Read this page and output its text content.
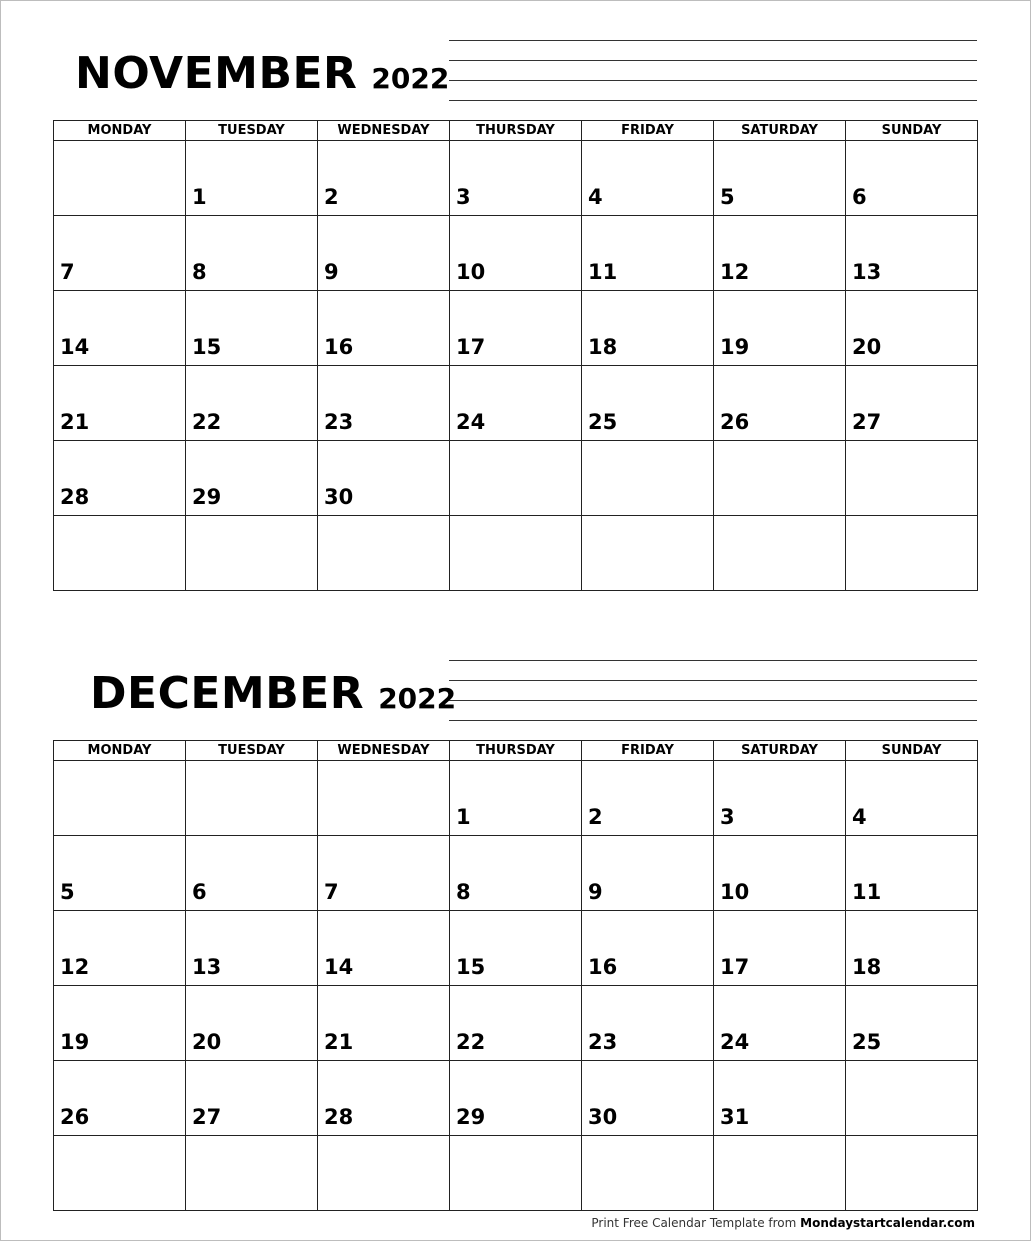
NOVEMBER 2022
MONDAY	TUESDAY	WEDNESDAY	THURSDAY	FRIDAY	SATURDAY	SUNDAY

	1	2	3	4	5	6

7	8	9	10	11	12	13

14	15	16	17	18	19	20

21	22	23	24	25	26	27

28	29	30				

DECEMBER 2022
MONDAY	TUESDAY	WEDNESDAY	THURSDAY	FRIDAY	SATURDAY	SUNDAY

			1	2	3	4

5	6	7	8	9	10	11

12	13	14	15	16	17	18

19	20	21	22	23	24	25

26	27	28	29	30	31	

Print Free Calendar Template from Mondaystartcalendar.com
